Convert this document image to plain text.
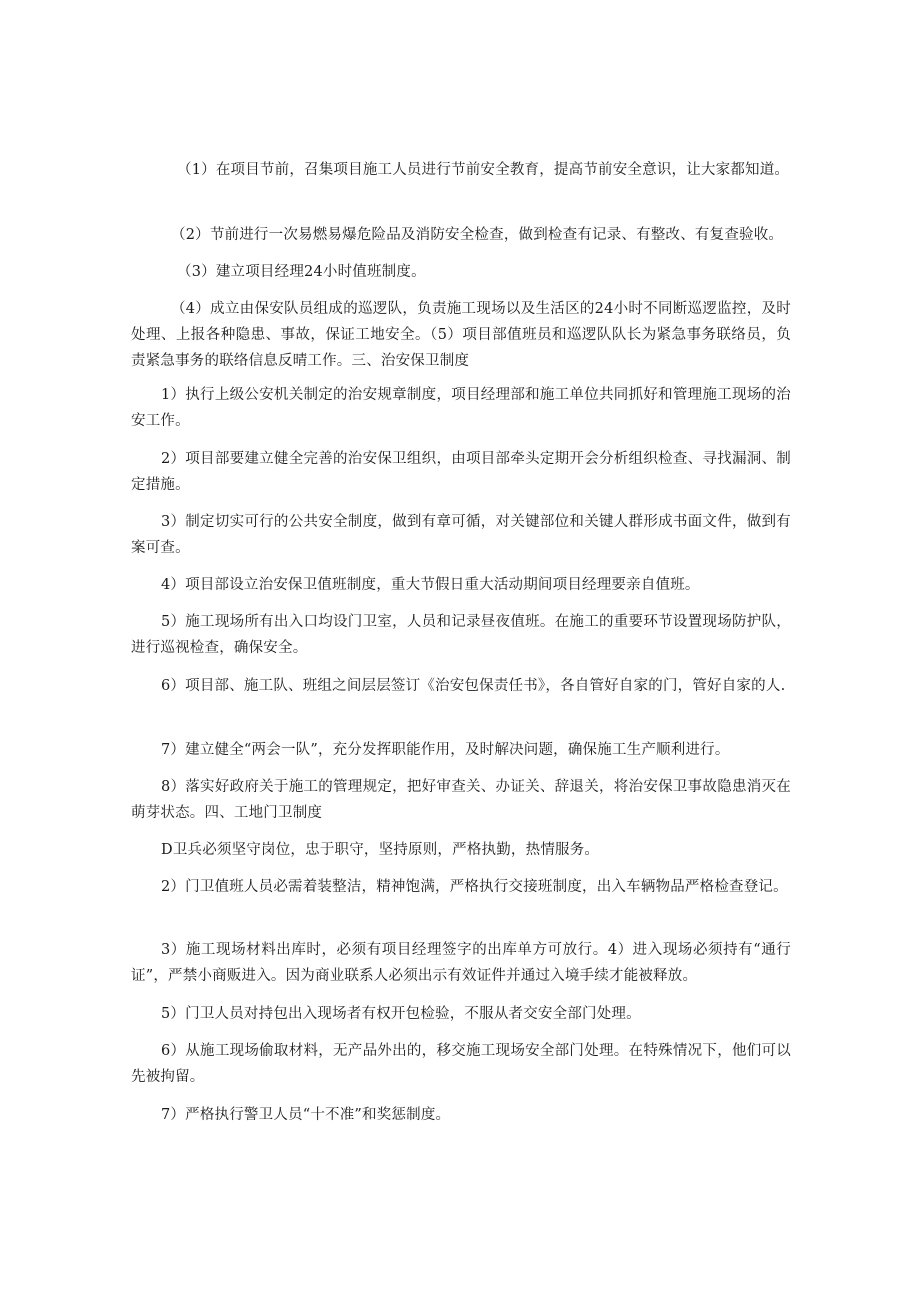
（1）在项目节前，召集项目施工人员进行节前安全教育，提高节前安全意识，让大家都知道。

（2）节前进行一次易燃易爆危险品及消防安全检查，做到检查有记录、有整改、有复查验收。

（3）建立项目经理24小时值班制度。

（4）成立由保安队员组成的巡逻队，负责施工现场以及生活区的24小时不同断巡逻监控，及时处理、上报各种隐患、事故，保证工地安全。（5）项目部值班员和巡逻队队长为紧急事务联络员，负责紧急事务的联络信息反晴工作。三、治安保卫制度

1）执行上级公安机关制定的治安规章制度，项目经理部和施工单位共同抓好和管理施工现场的治安工作。

2）项目部要建立健全完善的治安保卫组织，由项目部牵头定期开会分析组织检查、寻找漏洞、制定措施。

3）制定切实可行的公共安全制度，做到有章可循，对关键部位和关键人群形成书面文件，做到有案可查。

4）项目部设立治安保卫值班制度，重大节假日重大活动期间项目经理要亲自值班。

5）施工现场所有出入口均设门卫室，人员和记录昼夜值班。在施工的重要环节设置现场防护队，进行巡视检查，确保安全。

6）项目部、施工队、班组之间层层签订《治安包保责任书》，各自管好自家的门，管好自家的人.

7）建立健全“两会一队”，充分发挥职能作用，及时解决问题，确保施工生产顺利进行。

8）落实好政府关于施工的管理规定，把好审查关、办证关、辞退关，将治安保卫事故隐患消灭在萌芽状态。四、工地门卫制度

D卫兵必须坚守岗位，忠于职守，坚持原则，严格执勤，热情服务。

2）门卫值班人员必需着装整洁，精神饱满，严格执行交接班制度，出入车辆物品严格检查登记。

3）施工现场材料出库时，必须有项目经理签字的出库单方可放行。4）进入现场必须持有“通行证”，严禁小商贩进入。因为商业联系人必须出示有效证件并通过入境手续才能被释放。

5）门卫人员对持包出入现场者有权开包检验，不服从者交安全部门处理。

6）从施工现场偷取材料，无产品外出的，移交施工现场安全部门处理。在特殊情况下，他们可以先被拘留。

7）严格执行警卫人员“十不准”和奖惩制度。
